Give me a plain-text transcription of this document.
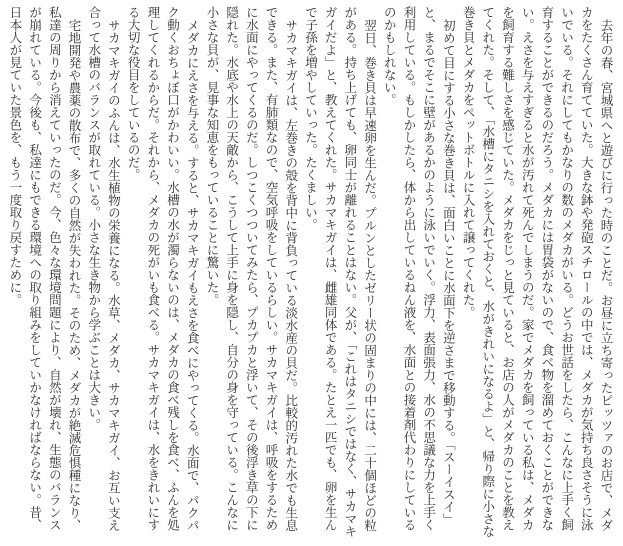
去年の春、宮城県へと遊びに行った時のことだ。お昼に立ち寄ったピッツァのお店で、メダカをたくさん育てていた。大きな鉢や発砲スチロールの中では、メダカが気持ち良さそうに泳いでいる。それにしてもかなりの数のメダカがいる。どうお世話をしたら、こんなに上手く飼育することができるのだろう。メダカには胃袋がないので、食べ物を溜めておくことができない。えさを与えすぎると水が汚れて死んでしまうのだ。家でメダカを飼っている私は、メダカを飼育する難しさを感じていた。メダカをじっと見ていると、お店の人がメダカのことを教えてくれた。そして、「水槽にタニシを入れておくと、水がきれいになるよ」と、帰り際に小さな巻き貝とメダカをペットボトルに入れて譲ってくれた。

初めて目にする小さな巻き貝は、面白いことに水面下を逆さまで移動する。「スーイスイ」と、まるでそこに壁があるかのように泳いでいく。浮力、表面張力、水の不思議な力を上手く利用している。もしかしたら、体から出しているねん液を、水面との接着剤代わりにしているのかもしれない。

翌日、巻き貝は早速卵を生んだ。プルンとしたゼリー状の固まりの中には、二十個ほどの粒がある。持ち上げても、卵同士が離れることはない。父が、「これはタニシではなく、サカマキガイだよ」と、教えてくれた。サカマキガイは、雌雄同体である。たとえ一匹でも、卵を生んで子孫を増やしていった。たくましい。

サカマキガイは、左巻きの殻を背中に背負っている淡水産の貝だ。比較的汚れた水でも生息できる。また、有肺類なので、空気呼吸をしているらしい。サカマキガイは、呼吸をするために水面にやってくるのだ。しつこくつついてみたら、プカプカと浮いて、その後浮き草の下に隠れた。水底や水上の天敵から、こうして上手に身を隠し、自分の身を守っている。こんなに小さな貝が、見事な知恵をもっていることに驚いた。

メダカにえさを与える。すると、サカマキガイもえさを食べにやってくる。水面で、パクパク動くおちょぼ口がかわいい。水槽の水が濁らないのは、メダカの食べ残しを食べ、ふんを処理してくれるからだ。それから、メダカの死がいも食べる。サカマキガイは、水をきれいにする大切な役目をしているのだ。

サカマキガイのふんは、水生植物の栄養になる。水草、メダカ、サカマキガイ、お互い支え合って水槽のバランスが取れている。小さな生き物から学ぶことは大きい。

宅地開発や農薬の散布で、多くの自然が失われた。そのため、メダカが絶滅危惧種になり、私達の周りから消えていったのだ。今、色々な環境問題により、自然が壊れ、生態のバランスが崩れている。今後も、私達にもできる環境への取り組みをしていかなければならない。昔、日本人が見ていた景色を、もう一度取り戻すために。
